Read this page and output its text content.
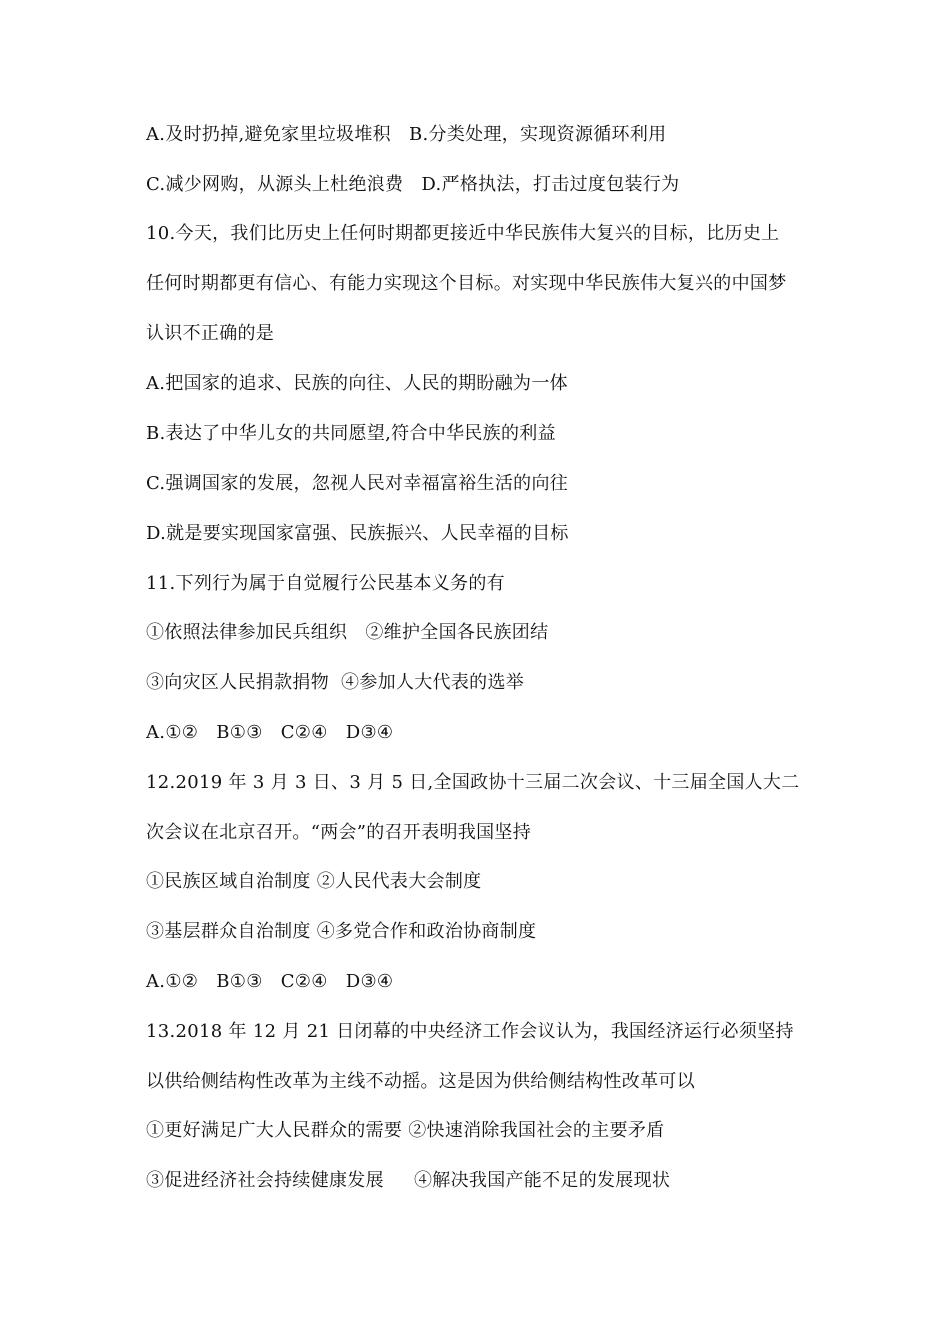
A.及时扔掉,避免家里垃圾堆积   B.分类处理，实现资源循环利用
C.减少网购，从源头上杜绝浪费   D.严格执法，打击过度包装行为
10.今天，我们比历史上任何时期都更接近中华民族伟大复兴的目标，比历史上
任何时期都更有信心、有能力实现这个目标。对实现中华民族伟大复兴的中国梦
认识不正确的是
A.把国家的追求、民族的向往、人民的期盼融为一体
B.表达了中华儿女的共同愿望,符合中华民族的利益
C.强调国家的发展，忽视人民对幸福富裕生活的向往
D.就是要实现国家富强、民族振兴、人民幸福的目标
11.下列行为属于自觉履行公民基本义务的有
①依照法律参加民兵组织   ②维护全国各民族团结
③向灾区人民捐款捐物  ④参加人大代表的选举
A.①②   B①③   C②④   D③④
12.2019 年 3 月 3 日、3 月 5 日,全国政协十三届二次会议、十三届全国人大二
次会议在北京召开。“两会”的召开表明我国坚持
①民族区域自治制度 ②人民代表大会制度
③基层群众自治制度 ④多党合作和政治协商制度
A.①②   B①③   C②④   D③④
13.2018 年 12 月 21 日闭幕的中央经济工作会议认为，我国经济运行必须坚持
以供给侧结构性改革为主线不动摇。这是因为供给侧结构性改革可以
①更好满足广大人民群众的需要 ②快速消除我国社会的主要矛盾
③促进经济社会持续健康发展     ④解决我国产能不足的发展现状
